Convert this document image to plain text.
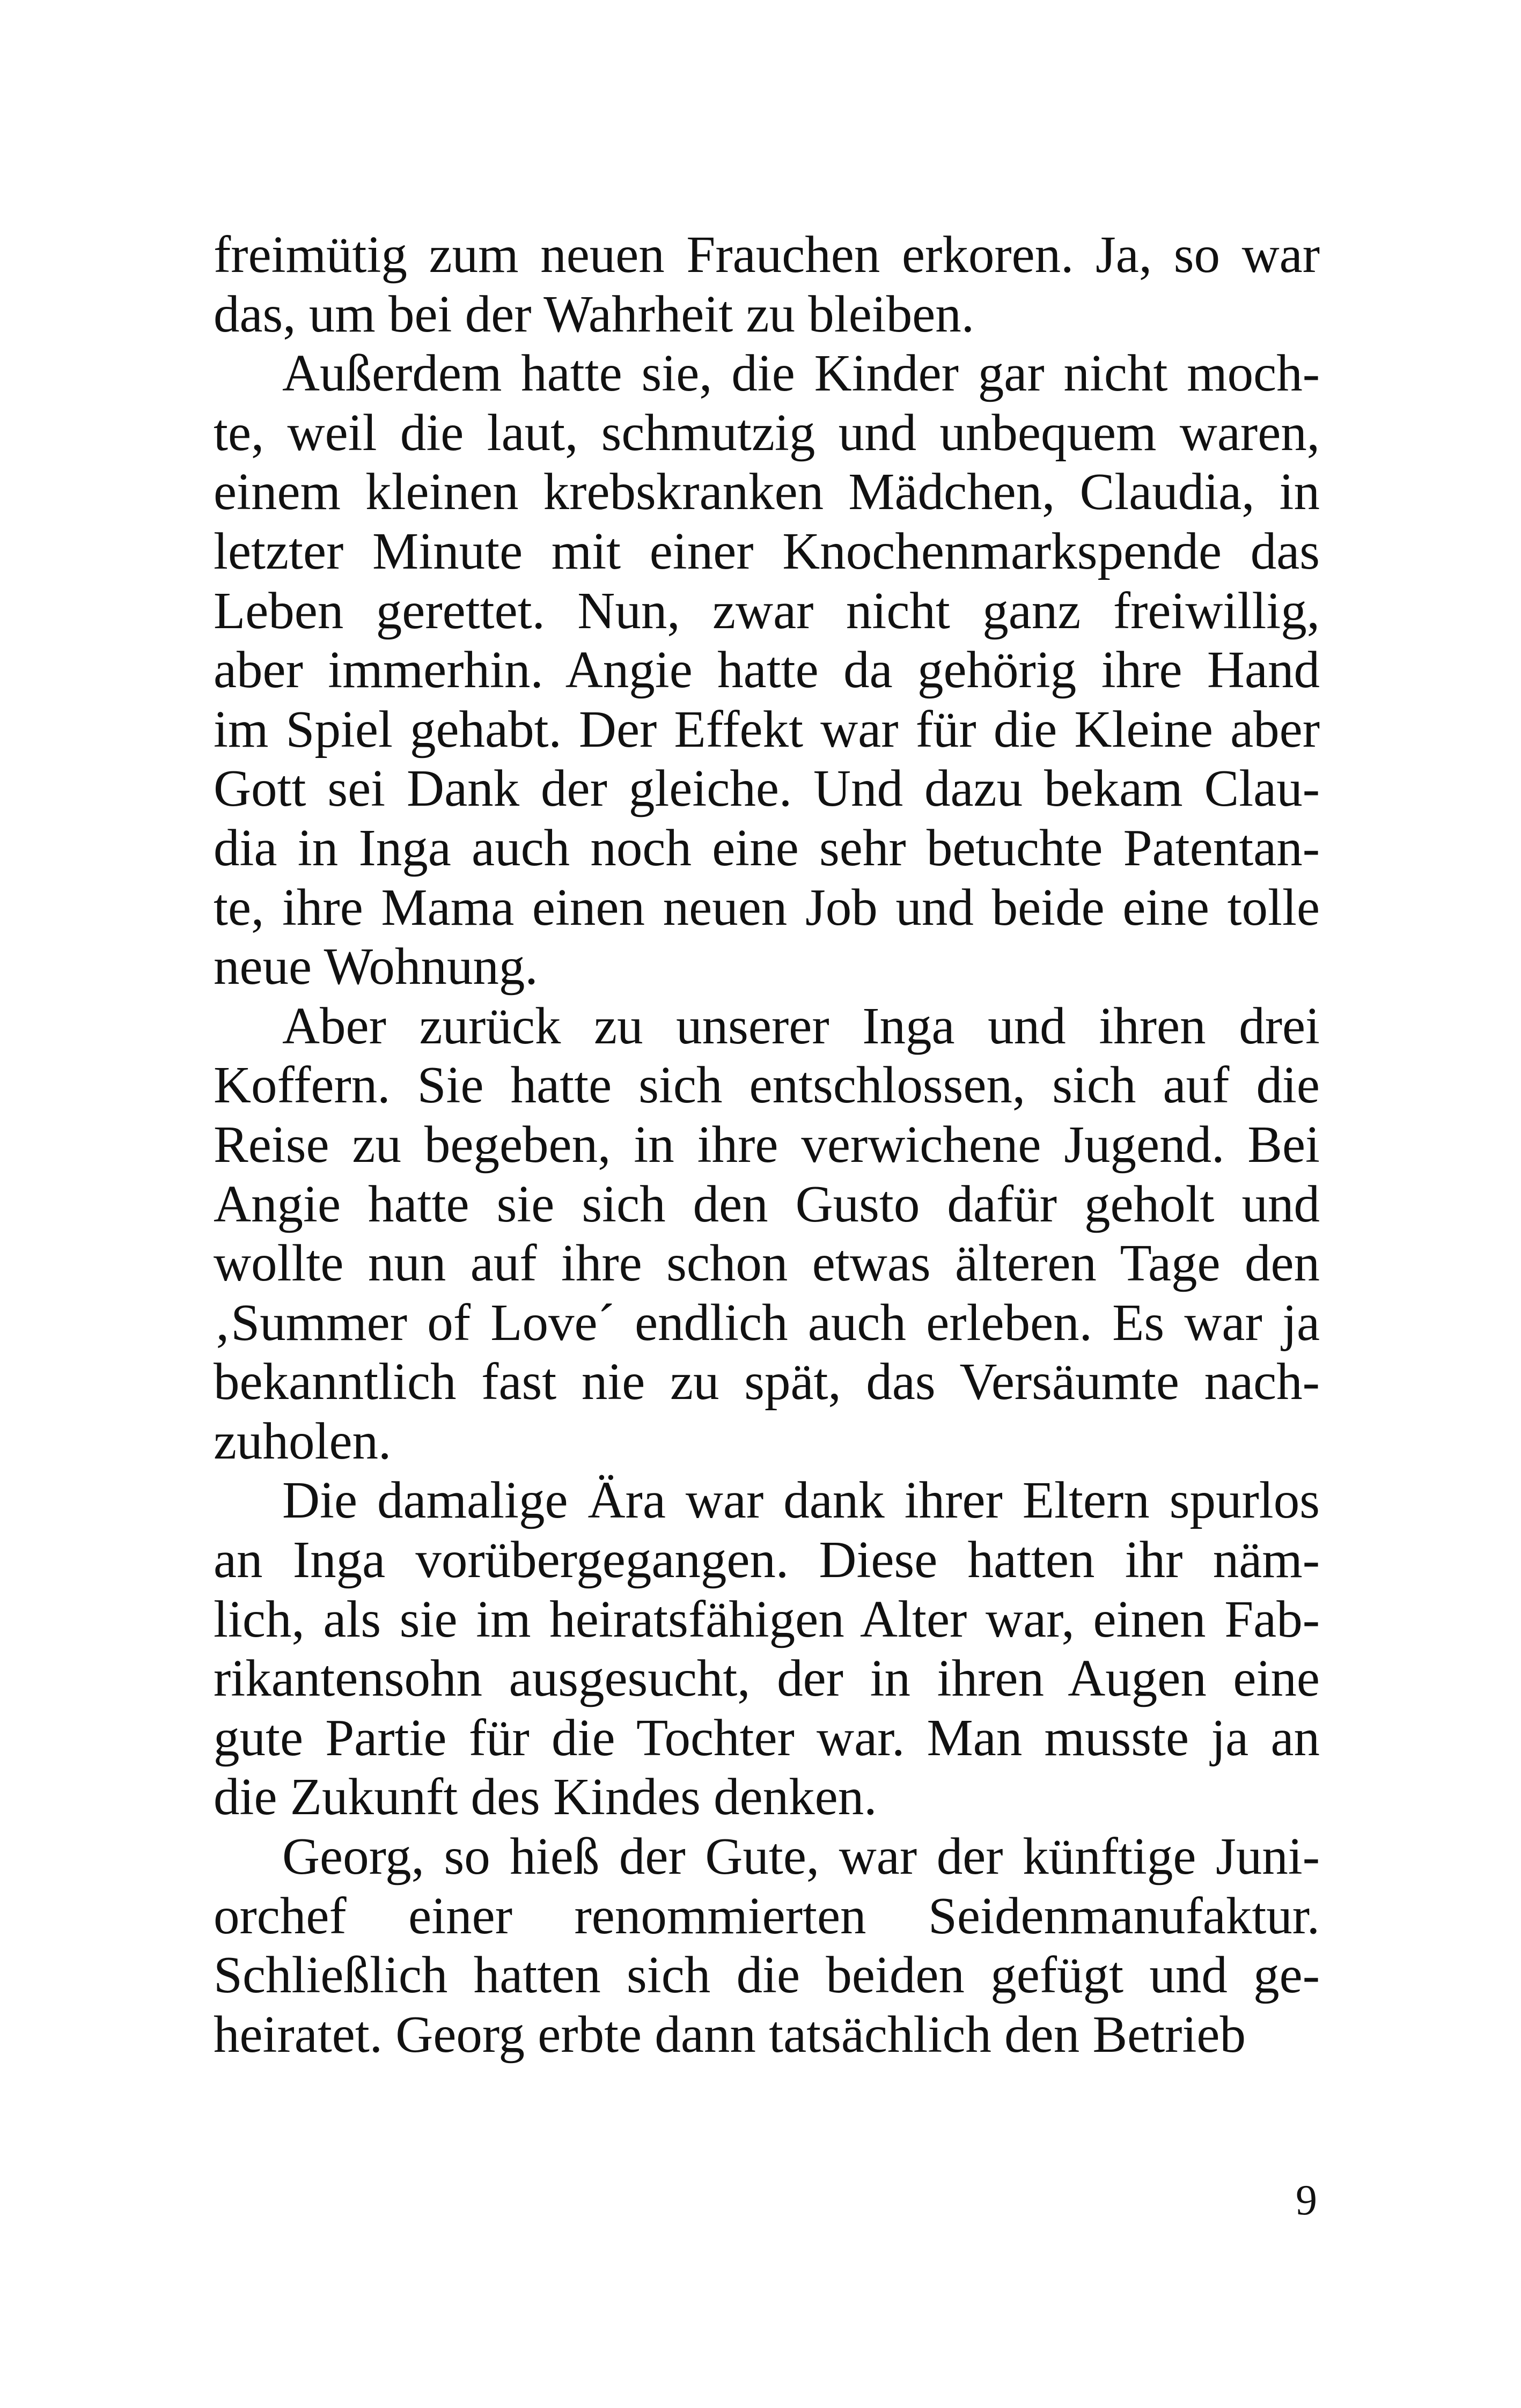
freimütig zum neuen Frauchen erkoren. Ja, so war
das, um bei der Wahrheit zu bleiben.
Außerdem hatte sie, die Kinder gar nicht moch-
te, weil die laut, schmutzig und unbequem waren,
einem kleinen krebskranken Mädchen, Claudia, in
letzter Minute mit einer Knochenmarkspende das
Leben gerettet. Nun, zwar nicht ganz freiwillig,
aber immerhin. Angie hatte da gehörig ihre Hand
im Spiel gehabt. Der Effekt war für die Kleine aber
Gott sei Dank der gleiche. Und dazu bekam Clau-
dia in Inga auch noch eine sehr betuchte Patentan-
te, ihre Mama einen neuen Job und beide eine tolle
neue Wohnung.
Aber zurück zu unserer Inga und ihren drei
Koffern. Sie hatte sich entschlossen, sich auf die
Reise zu begeben, in ihre verwichene Jugend. Bei
Angie hatte sie sich den Gusto dafür geholt und
wollte nun auf ihre schon etwas älteren Tage den
‚Summer of Love´ endlich auch erleben. Es war ja
bekanntlich fast nie zu spät, das Versäumte nach-
zuholen.
Die damalige Ära war dank ihrer Eltern spurlos
an Inga vorübergegangen. Diese hatten ihr näm-
lich, als sie im heiratsfähigen Alter war, einen Fab-
rikantensohn ausgesucht, der in ihren Augen eine
gute Partie für die Tochter war. Man musste ja an
die Zukunft des Kindes denken.
Georg, so hieß der Gute, war der künftige Juni-
orchef einer renommierten Seidenmanufaktur.
Schließlich hatten sich die beiden gefügt und ge-
heiratet. Georg erbte dann tatsächlich den Betrieb
9
